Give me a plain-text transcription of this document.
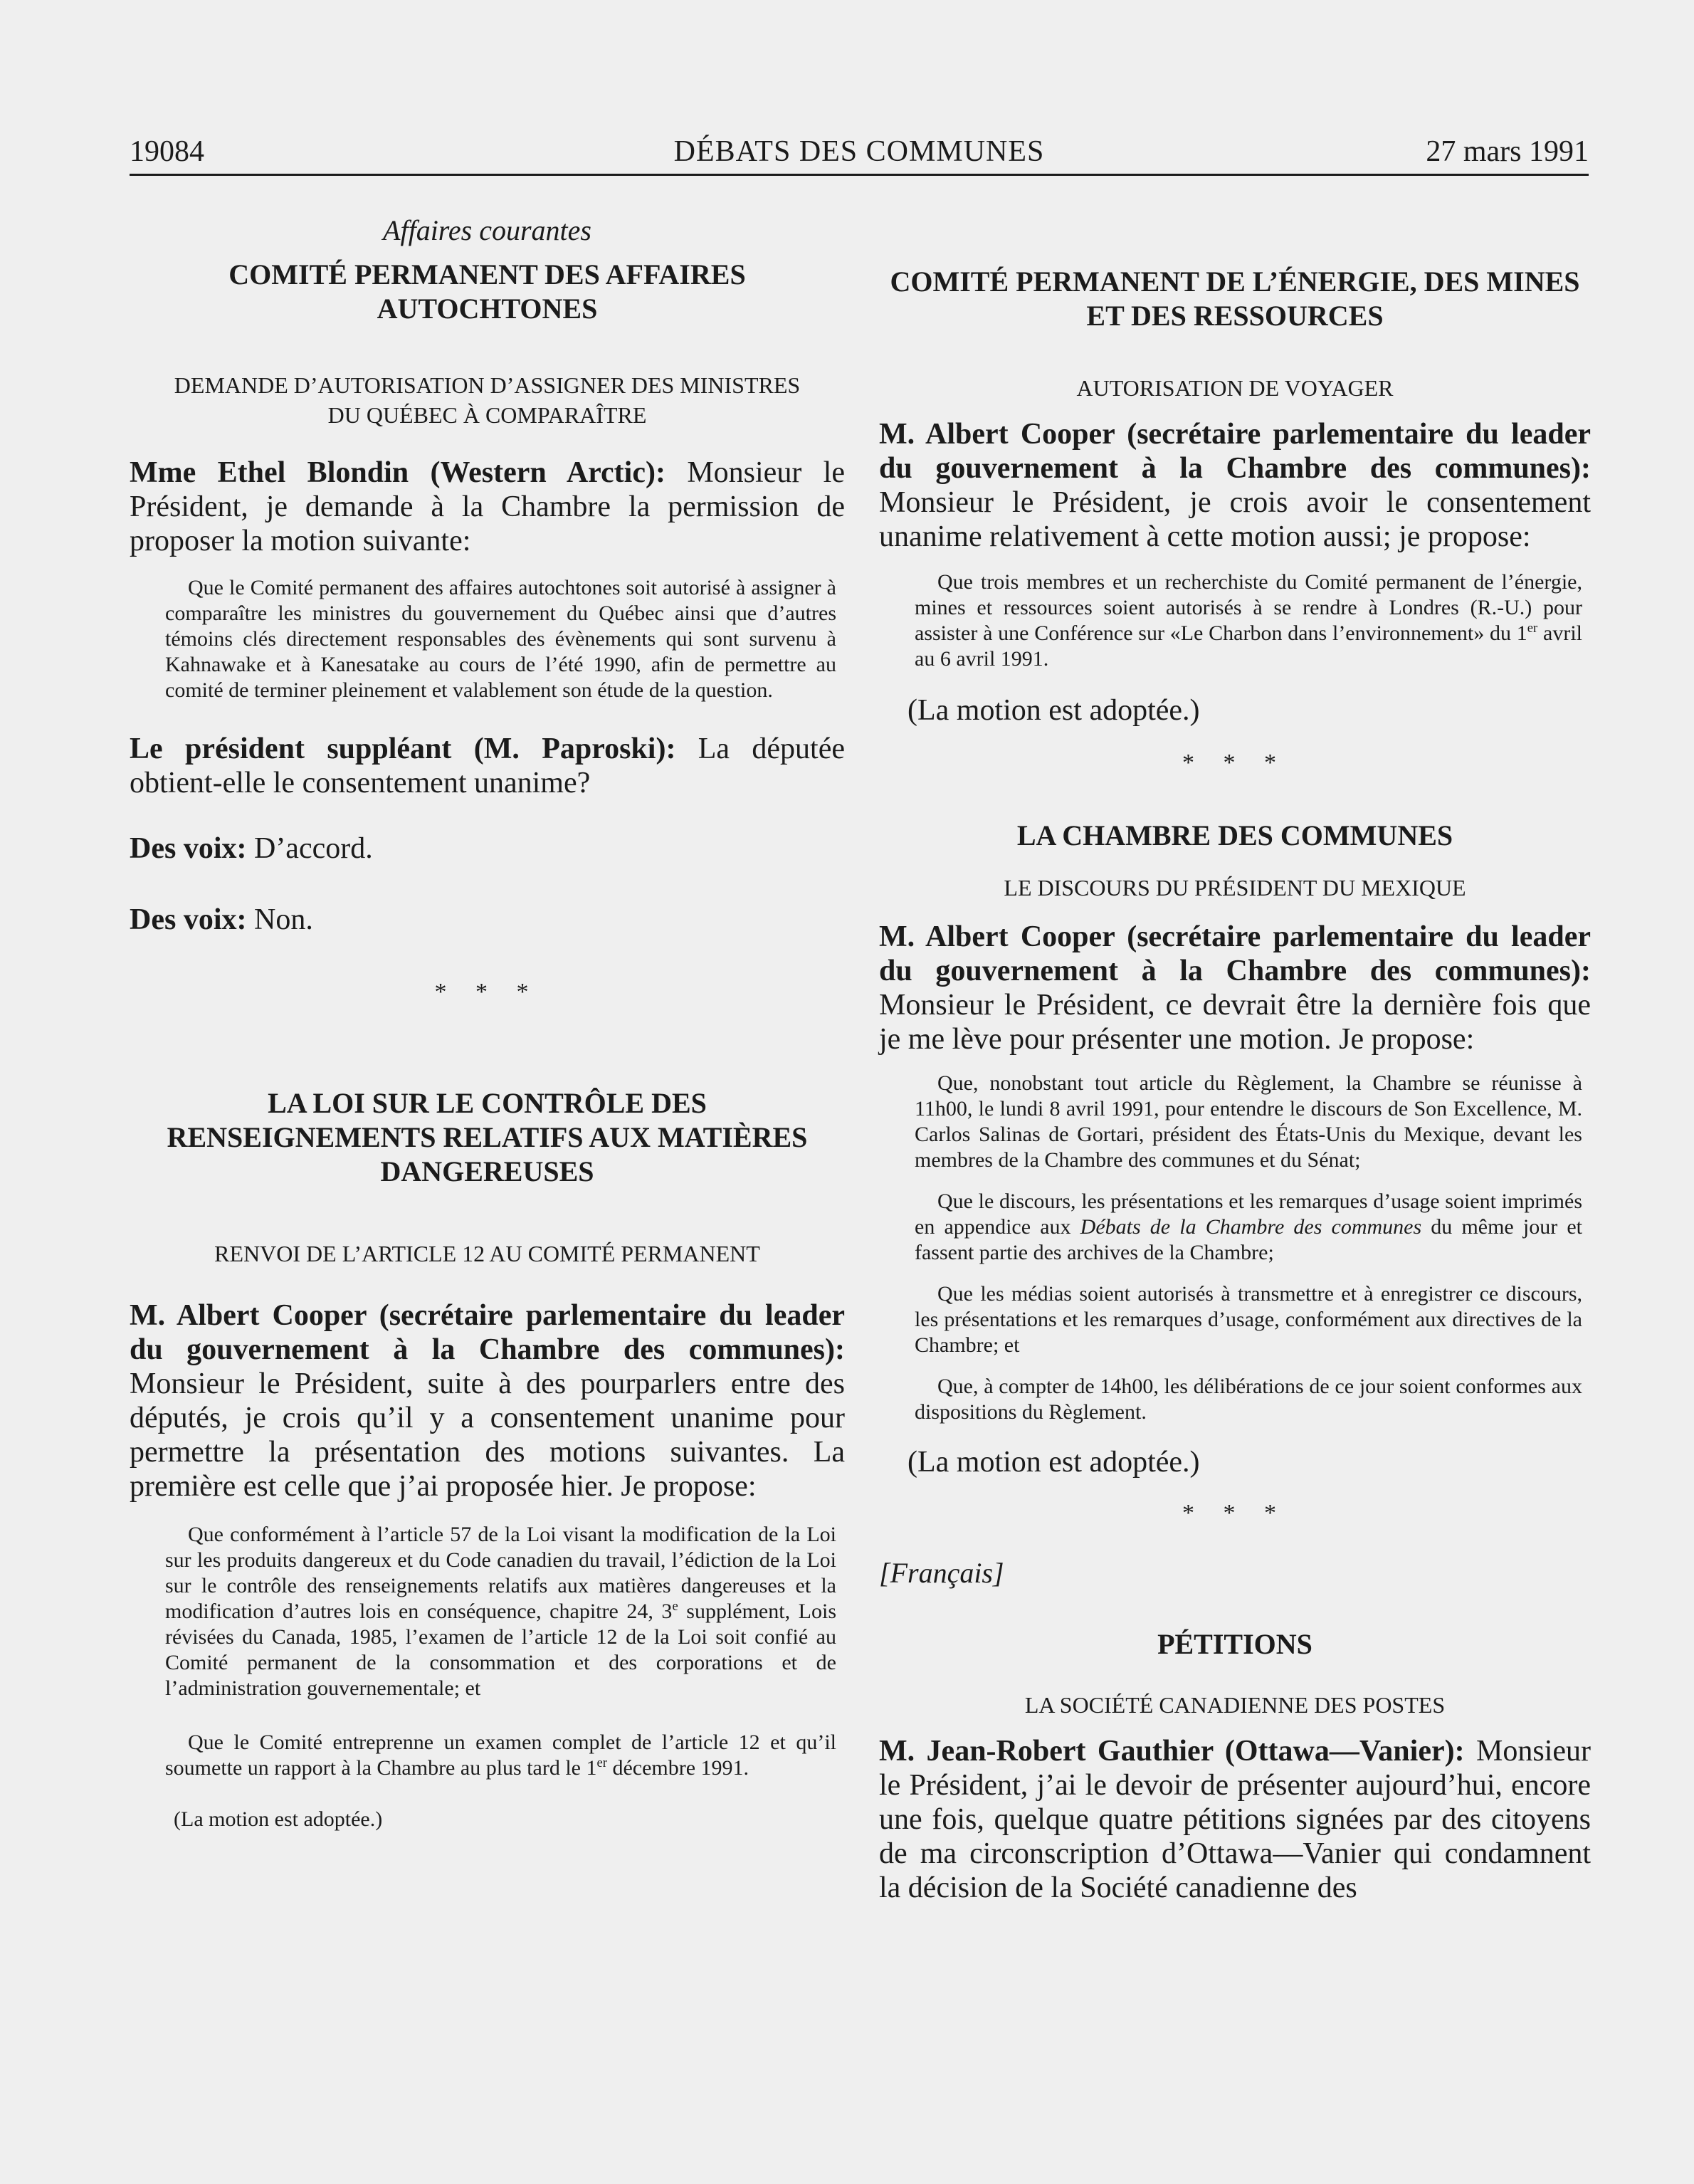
19084	DÉBATS DES COMMUNES	27 mars 1991

Affaires courantes

COMITÉ PERMANENT DES AFFAIRES
AUTOCHTONES
DEMANDE D’AUTORISATION D’ASSIGNER DES MINISTRES
DU QUÉBEC À COMPARAÎTRE

Mme Ethel Blondin (Western Arctic): Monsieur le Président, je demande à la Chambre la permission de proposer la motion suivante:

Que le Comité permanent des affaires autochtones soit autorisé à assigner à comparaître les ministres du gouvernement du Québec ainsi que d’autres témoins clés directement responsables des évènements qui sont survenu à Kahnawake et à Kanesatake au cours de l’été 1990, afin de permettre au comité de terminer pleinement et valablement son étude de la question.

Le président suppléant (M. Paproski): La députée obtient-elle le consentement unanime?

Des voix: D’accord.

Des voix: Non.

* * *

LA LOI SUR LE CONTRÔLE DES
RENSEIGNEMENTS RELATIFS AUX MATIÈRES
DANGEREUSES

RENVOI DE L’ARTICLE 12 AU COMITÉ PERMANENT

M. Albert Cooper (secrétaire parlementaire du leader du gouvernement à la Chambre des communes): Monsieur le Président, suite à des pourparlers entre des députés, je crois qu’il y a consentement unanime pour permettre la présentation des motions suivantes. La première est celle que j’ai proposée hier. Je propose:

Que conformément à l’article 57 de la Loi visant la modification de la Loi sur les produits dangereux et du Code canadien du travail, l’édiction de la Loi sur le contrôle des renseignements relatifs aux matières dangereuses et la modification d’autres lois en conséquence, chapitre 24, 3e supplément, Lois révisées du Canada, 1985, l’examen de l’article 12 de la Loi soit confié au Comité permanent de la consommation et des corporations et de l’administration gouvernementale; et

Que le Comité entreprenne un examen complet de l’article 12 et qu’il soumette un rapport à la Chambre au plus tard le 1er décembre 1991.

(La motion est adoptée.)

COMITÉ PERMANENT DE L’ÉNERGIE, DES MINES
ET DES RESSOURCES

AUTORISATION DE VOYAGER

M. Albert Cooper (secrétaire parlementaire du leader du gouvernement à la Chambre des communes): Monsieur le Président, je crois avoir le consentement unanime relativement à cette motion aussi; je propose:

Que trois membres et un recherchiste du Comité permanent de l’énergie, mines et ressources soient autorisés à se rendre à Londres (R.-U.) pour assister à une Conférence sur «Le Charbon dans l’environnement» du 1er avril au 6 avril 1991.

(La motion est adoptée.)

* * *

LA CHAMBRE DES COMMUNES

LE DISCOURS DU PRÉSIDENT DU MEXIQUE

M. Albert Cooper (secrétaire parlementaire du leader du gouvernement à la Chambre des communes): Monsieur le Président, ce devrait être la dernière fois que je me lève pour présenter une motion. Je propose:

Que, nonobstant tout article du Règlement, la Chambre se réunisse à 11h00, le lundi 8 avril 1991, pour entendre le discours de Son Excellence, M. Carlos Salinas de Gortari, président des États-Unis du Mexique, devant les membres de la Chambre des communes et du Sénat;

Que le discours, les présentations et les remarques d’usage soient imprimés en appendice aux Débats de la Chambre des communes du même jour et fassent partie des archives de la Chambre;

Que les médias soient autorisés à transmettre et à enregistrer ce discours, les présentations et les remarques d’usage, conformément aux directives de la Chambre; et

Que, à compter de 14h00, les délibérations de ce jour soient conformes aux dispositions du Règlement.

(La motion est adoptée.)

* * *

[Français]

PÉTITIONS

LA SOCIÉTÉ CANADIENNE DES POSTES

M. Jean-Robert Gauthier (Ottawa—Vanier): Monsieur le Président, j’ai le devoir de présenter aujourd’hui, encore une fois, quelque quatre pétitions signées par des citoyens de ma circonscription d’Ottawa—Vanier qui condamnent la décision de la Société canadienne des
